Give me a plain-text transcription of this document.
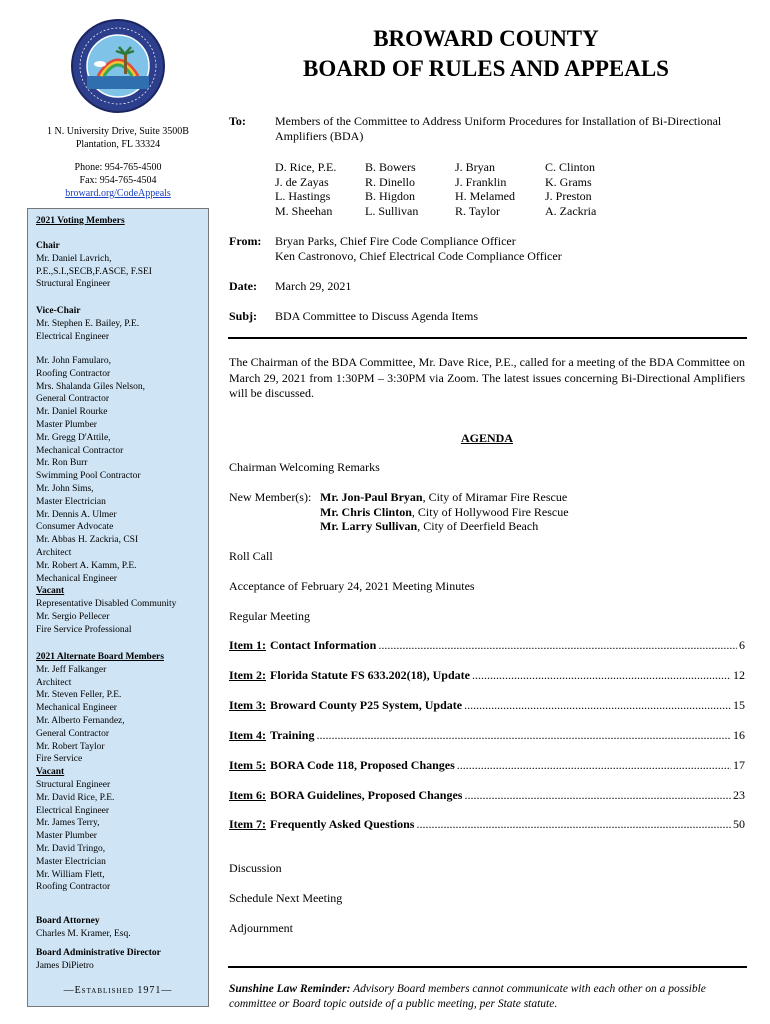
BROWARD COUNTY
BOARD OF RULES AND APPEALS
1 N. University Drive, Suite 3500B
Plantation, FL 33324
Phone: 954-765-4500
Fax: 954-765-4504
broward.org/CodeAppeals
2021 Voting Members
Chair
Mr. Daniel Lavrich,
P.E.,S.I.,SECB,F.ASCE, F.SEI
Structural Engineer
Vice-Chair
Mr. Stephen E. Bailey, P.E.
Electrical Engineer
Mr. John Famularo,
Roofing Contractor
Mrs. Shalanda Giles Nelson,
General Contractor
Mr. Daniel Rourke
Master Plumber
Mr. Gregg D'Attile,
Mechanical Contractor
Mr. Ron Burr
Swimming Pool Contractor
Mr. John Sims,
Master Electrician
Mr. Dennis A. Ulmer
Consumer Advocate
Mr. Abbas H. Zackria, CSI
Architect
Mr. Robert A. Kamm, P.E.
Mechanical Engineer
Vacant
Representative Disabled Community
Mr. Sergio Pellecer
Fire Service Professional
2021 Alternate Board Members
Mr. Jeff Falkanger
Architect
Mr. Steven Feller, P.E.
Mechanical Engineer
Mr. Alberto Fernandez,
General Contractor
Mr. Robert Taylor
Fire Service
Vacant
Structural Engineer
Mr. David Rice, P.E.
Electrical Engineer
Mr. James Terry,
Master Plumber
Mr. David Tringo,
Master Electrician
Mr. William Flett,
Roofing Contractor
Board Attorney
Charles M. Kramer, Esq.
Board Administrative Director
James DiPietro
—Established 1971—
To: Members of the Committee to Address Uniform Procedures for Installation of Bi-Directional Amplifiers (BDA)
D. Rice, P.E.	B. Bowers	J. Bryan	C. Clinton
J. de Zayas	R. Dinello	J. Franklin	K. Grams
L. Hastings	B. Higdon	H. Melamed	J. Preston
M. Sheehan	L. Sullivan	R. Taylor	A. Zackria
From: Bryan Parks, Chief Fire Code Compliance Officer
Ken Castronovo, Chief Electrical Code Compliance Officer
Date: March 29, 2021
Subj: BDA Committee to Discuss Agenda Items
The Chairman of the BDA Committee, Mr. Dave Rice, P.E., called for a meeting of the BDA Committee on March 29, 2021 from 1:30PM – 3:30PM via Zoom. The latest issues concerning Bi-Directional Amplifiers will be discussed.
AGENDA
Chairman Welcoming Remarks
New Member(s): Mr. Jon-Paul Bryan, City of Miramar Fire Rescue
Mr. Chris Clinton, City of Hollywood Fire Rescue
Mr. Larry Sullivan, City of Deerfield Beach
Roll Call
Acceptance of February 24, 2021 Meeting Minutes
Regular Meeting
Item 1: Contact Information .....	6
Item 2: Florida Statute FS 633.202(18), Update .....	12
Item 3: Broward County P25 System, Update .....	15
Item 4: Training .....	16
Item 5: BORA Code 118, Proposed Changes .....	17
Item 6: BORA Guidelines, Proposed Changes .....	23
Item 7: Frequently Asked Questions .....	50
Discussion
Schedule Next Meeting
Adjournment
Sunshine Law Reminder: Advisory Board members cannot communicate with each other on a possible committee or Board topic outside of a public meeting, per State statute.
